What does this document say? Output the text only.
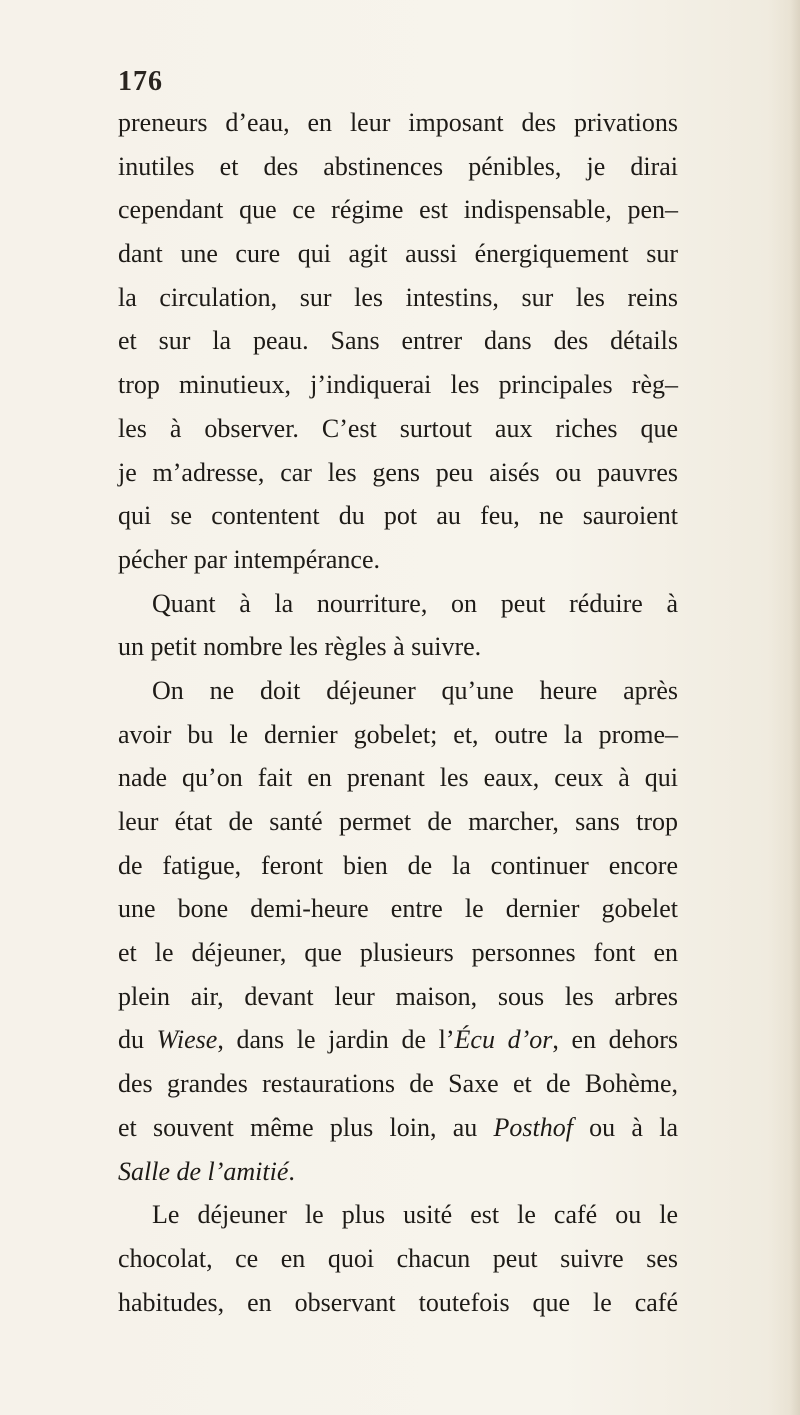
176

preneurs d’eau, en leur imposant des privations
inutiles et des abstinences pénibles, je dirai
cependant que ce régime est indispensable, pen–
dant une cure qui agit aussi énergiquement sur
la circulation, sur les intestins, sur les reins
et sur la peau. Sans entrer dans des détails
trop minutieux, j’indiquerai les principales règ–
les à observer. C’est surtout aux riches que
je m’adresse, car les gens peu aisés ou pauvres
qui se contentent du pot au feu, ne sauroient
pécher par intempérance.
Quant à la nourriture, on peut réduire à
un petit nombre les règles à suivre.
On ne doit déjeuner qu’une heure après
avoir bu le dernier gobelet; et, outre la prome–
nade qu’on fait en prenant les eaux, ceux à qui
leur état de santé permet de marcher, sans trop
de fatigue, feront bien de la continuer encore
une bone demi-heure entre le dernier gobelet
et le déjeuner, que plusieurs personnes font en
plein air, devant leur maison, sous les arbres
du Wiese, dans le jardin de l’Écu d’or, en dehors
des grandes restaurations de Saxe et de Bohème,
et souvent même plus loin, au Posthof ou à la
Salle de l’amitié.
Le déjeuner le plus usité est le café ou le
chocolat, ce en quoi chacun peut suivre ses
habitudes, en observant toutefois que le café
